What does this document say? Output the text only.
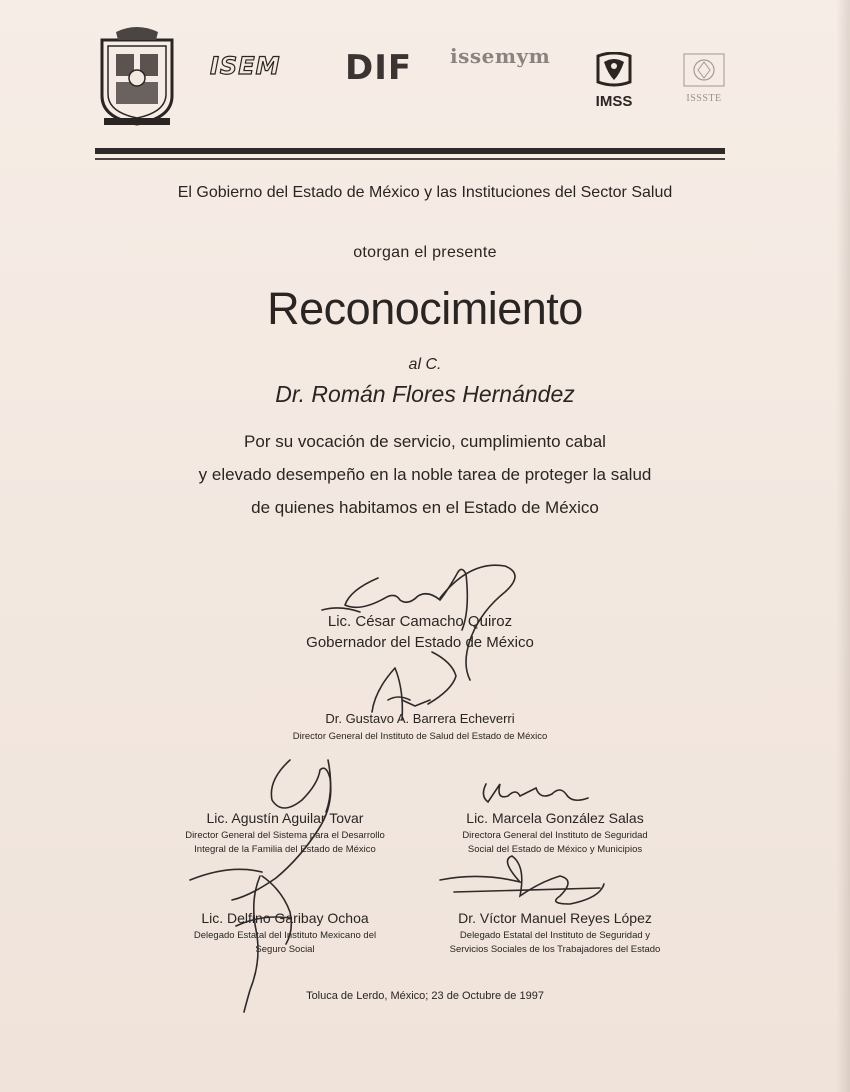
ISEM DIF issemym
IMSS	ISSSTE
El Gobierno del Estado de México y las Instituciones del Sector Salud
otorgan el presente
Reconocimiento
al C.
Dr. Román Flores Hernández
Por su vocación de servicio, cumplimiento cabal
y elevado desempeño en la noble tarea de proteger la salud
de quienes habitamos en el Estado de México
Lic. César Camacho Quiroz
Gobernador del Estado de México
Dr. Gustavo A. Barrera Echeverri
Director General del Instituto de Salud del Estado de México
Lic. Agustín Aguilar Tovar
Director General del Sistema para el Desarrollo
Integral de la Familia del Estado de México
Lic. Marcela González Salas
Directora General del Instituto de Seguridad
Social del Estado de México y Municipios
Lic. Delfino Garibay Ochoa
Delegado Estatal del Instituto Mexicano del
Seguro Social
Dr. Víctor Manuel Reyes López
Delegado Estatal del Instituto de Seguridad y
Servicios Sociales de los Trabajadores del Estado
Toluca de Lerdo, México; 23 de Octubre de 1997
